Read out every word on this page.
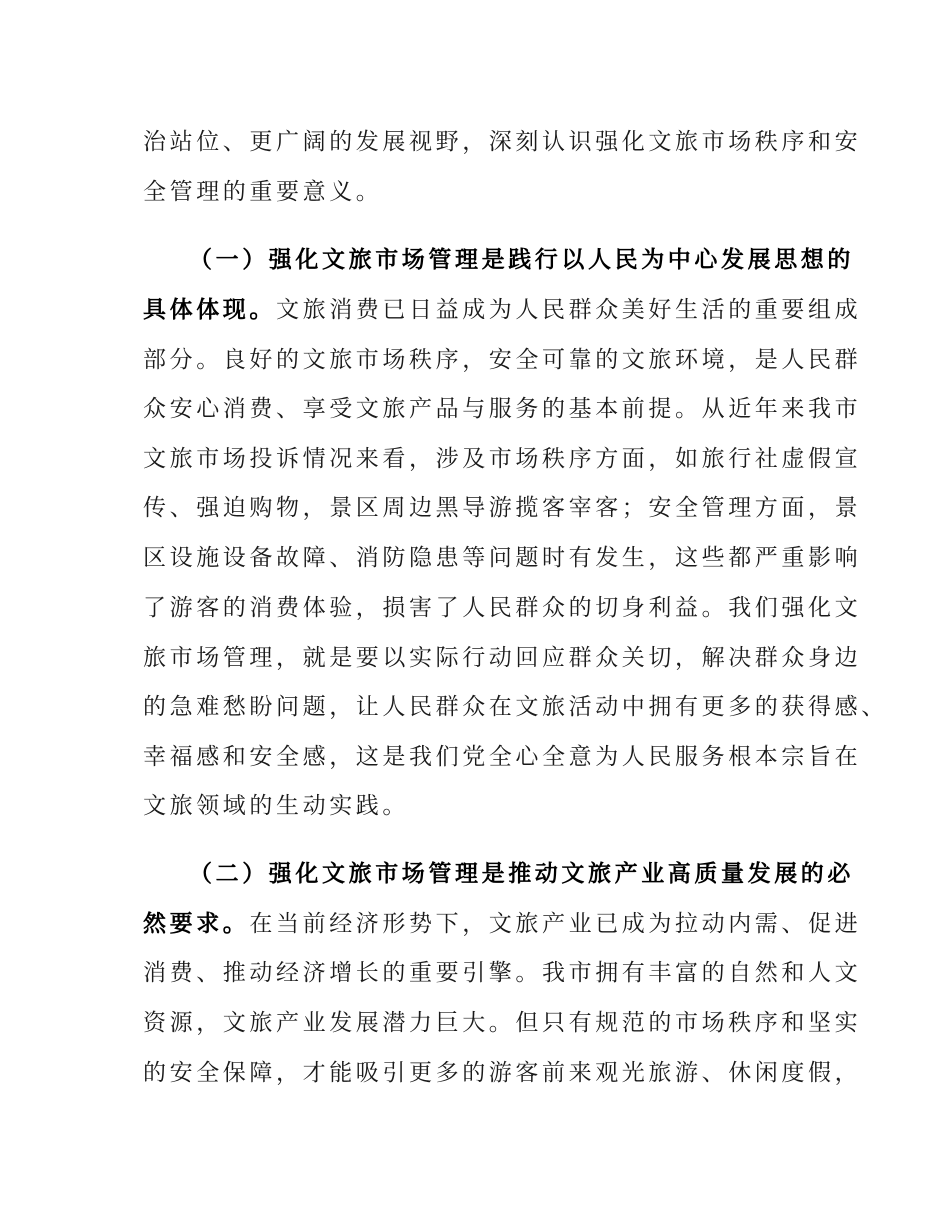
治站位、更广阔的发展视野，深刻认识强化文旅市场秩序和安
全管理的重要意义。
（一）强化文旅市场管理是践行以人民为中心发展思想的
具体体现。文旅消费已日益成为人民群众美好生活的重要组成
部分。良好的文旅市场秩序，安全可靠的文旅环境，是人民群
众安心消费、享受文旅产品与服务的基本前提。从近年来我市
文旅市场投诉情况来看，涉及市场秩序方面，如旅行社虚假宣
传、强迫购物，景区周边黑导游揽客宰客；安全管理方面，景
区设施设备故障、消防隐患等问题时有发生，这些都严重影响
了游客的消费体验，损害了人民群众的切身利益。我们强化文
旅市场管理，就是要以实际行动回应群众关切，解决群众身边
的急难愁盼问题，让人民群众在文旅活动中拥有更多的获得感、
幸福感和安全感，这是我们党全心全意为人民服务根本宗旨在
文旅领域的生动实践。
（二）强化文旅市场管理是推动文旅产业高质量发展的必
然要求。在当前经济形势下，文旅产业已成为拉动内需、促进
消费、推动经济增长的重要引擎。我市拥有丰富的自然和人文
资源，文旅产业发展潜力巨大。但只有规范的市场秩序和坚实
的安全保障，才能吸引更多的游客前来观光旅游、休闲度假，
